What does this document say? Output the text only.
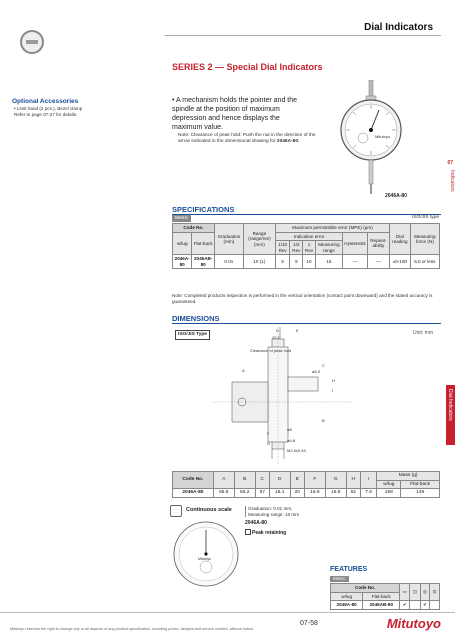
Dial Indicators
SERIES 2 — Special Dial Indicators
Optional Accessories
• Limit hand (2 pcs.), Bezel clamp
Refer to page 07-27 for details.
• A mechanism holds the pointer and the spindle at the position of maximum depression and hence displays the maximum value.
Note: Clearance of peak hold: Push the nut in the direction of the arrow indicated in the dimensional drawing for 2046A-80.
Mitutoyo
2046A-80
07
Indicators
Dial Indicators
SPECIFICATIONS
Metric	ISO/JIS type
Code No.		Graduation (mm)	Range (range/rev) (mm)	Maximum permissible error (MPE) (μm)						Dial reading	Measuring force (N)
w/lug	Flat-back			Indication error				Hysteresis	Repeat-ability		
				1/10 Rev	1/2 Rev	1 Rev	Measuring range				
2046A-80	2046AB-80	0.01	10 (1)	5	9	10	15	—	—	±0-100	5.0 or less
Note: Completed products inspection is performed in the vertical orientation (contact point downward) and the stated accuracy is guaranteed.
DIMENSIONS
D	E
25.1
Clearance of peak hold
ø6.5
C
H
I
A
F
G
B
ø8
ø4.8
M2.5x0.45
ISO/JIS Type	Unit: mm
Code No.	A	B	C	D	E	F	G	H	I	Mass (g)	
										w/lug	Flat-back
2046A-80	55.8	65.2	57	18.1	20	16.9	19.8	52	7.6	158	149
Continuous scale	Graduation: 0.01 mm,
Measuring range: 10 mm
Mitutoyo
2046A-80
Peak retaining
FEATURES
Metric
Code No.		▭	◫	◎	⊡
w/lug	Flat-back				
2046A-80	2046AB-80	✔		✔	
Mitutoyo reserves the right to change any or all aspects of any product specification, including prices, designs and service content, without notice.
07-58	Mitutoyo
